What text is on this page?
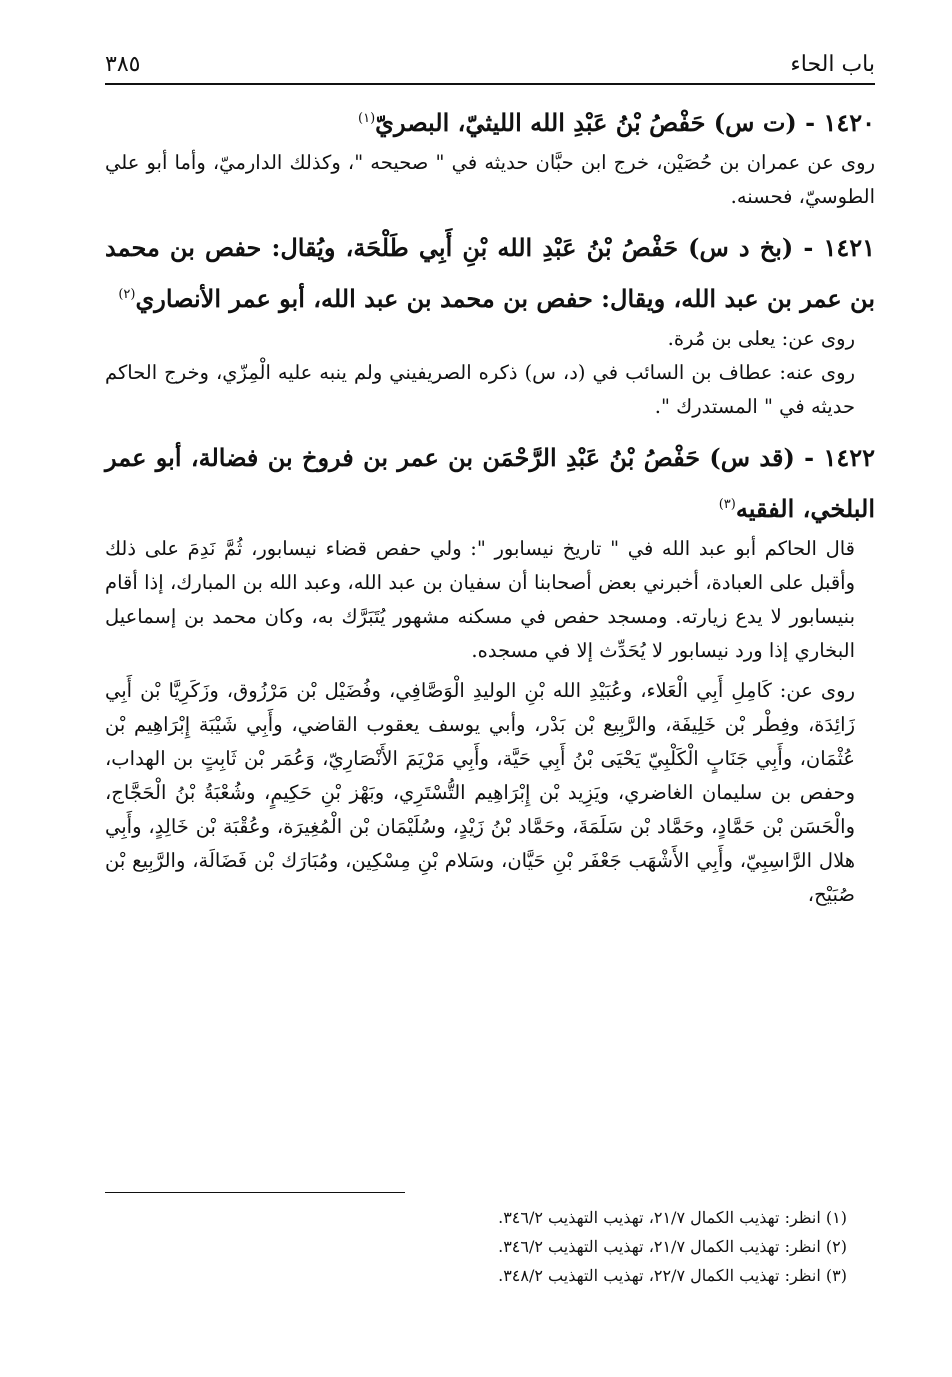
باب الحاء
٣٨٥
١٤٢٠ - (ت س) حَفْصُ بْنُ عَبْدِ الله الليثيّ، البصريّ$^{(١)}$

روى عن عمران بن حُصَيْن، خرج ابن حبَّان حديثه في " صحيحه "، وكذلك الدارميّ، وأما أبو علي الطوسيّ، فحسنه.

١٤٢١ - (بخ د س) حَفْصُ بْنُ عَبْدِ الله بْنِ أَبِي طَلْحَة، ويُقال: حفص بن محمد بن عمر بن عبد الله، ويقال: حفص بن محمد بن عبد الله، أبو عمر الأنصاري$^{(٢)}$

روى عن: يعلى بن مُرة.

روى عنه: عطاف بن السائب في (د، س) ذكره الصريفيني ولم ينبه عليه الْمِزّي، وخرج الحاكم حديثه في " المستدرك ".

١٤٢٢ - (قد س) حَفْصُ بْنُ عَبْدِ الرَّحْمَن بن عمر بن فروخ بن فضالة، أبو عمر البلخي، الفقيه$^{(٣)}$

قال الحاكم أبو عبد الله في " تاريخ نيسابور ": ولي حفص قضاء نيسابور، ثُمَّ نَدِمَ على ذلك وأقبل على العبادة، أخبرني بعض أصحابنا أن سفيان بن عبد الله، وعبد الله بن المبارك، إذا أقام بنيسابور لا يدع زيارته. ومسجد حفص في مسكنه مشهور يُتَبَرَّك به، وكان محمد بن إسماعيل البخاري إذا ورد نيسابور لا يُحَدِّث إلا في مسجده.

روى عن: كَامِلِ أَبِي الْعَلاء، وعُبَيْدِ الله بْنِ الوليدِ الْوَصَّافِي، وفُضَيْل بْن مَرْزُوق، وزَكَرِيَّا بْن أَبِي زَائِدَة، وفِطْر بْن خَلِيفَة، والرَّبِيع بْن بَدْر، وأبي يوسف يعقوب القاضي، وأَبِي شَيْبَة إِبْرَاهِيم بْن عُثْمَان، وأَبِي جَنَابٍ الْكَلْبِيّ يَحْيَى بْنُ أَبِي حَيَّة، وأَبِي مَرْيَمَ الأَنْصَارِيّ، وَعُمَر بْن ثَابِتٍ بن الهداب، وحفص بن سليمان الغاضري، ويَزِيد بْن إِبْرَاهِيم التُّسْتَرِي، وبَهْز بْنِ حَكِيمٍ، وشُعْبَةُ بْنُ الْحَجَّاج، والْحَسَن بْن حَمَّادٍ، وحَمَّاد بْن سَلَمَةَ، وحَمَّاد بْنُ زَيْدٍ، وسُلَيْمَان بْن الْمُغِيرَة، وعُقْبَة بْن خَالِدٍ، وأَبِي هلال الرَّاسِبِيّ، وأَبِي الأَشْهَب جَعْفَر بْنِ حَيَّان، وسَلام بْنِ مِسْكِين، ومُبَارَك بْن فَضَالَة، والرَّبِيع بْن صُبَيْح،

(١) انظر: تهذيب الكمال ٢١/٧، تهذيب التهذيب ٣٤٦/٢.
(٢) انظر: تهذيب الكمال ٢١/٧، تهذيب التهذيب ٣٤٦/٢.
(٣) انظر: تهذيب الكمال ٢٢/٧، تهذيب التهذيب ٣٤٨/٢.
